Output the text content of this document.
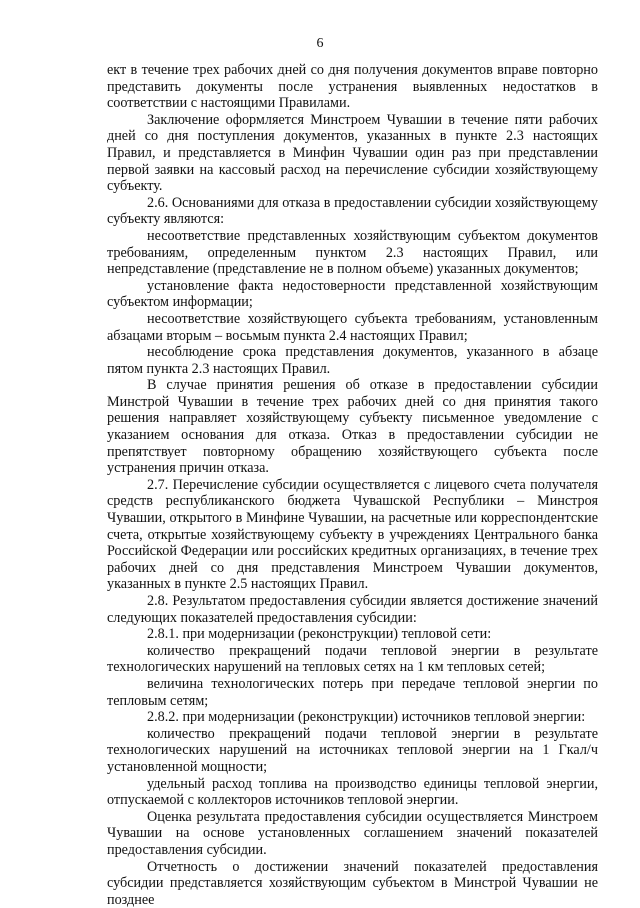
6

ект в течение трех рабочих дней со дня получения документов вправе повторно представить документы после устранения выявленных недостатков в соответствии с настоящими Правилами.

Заключение оформляется Минстроем Чувашии в течение пяти рабочих дней со дня поступления документов, указанных в пункте 2.3 настоящих Правил, и представляется в Минфин Чувашии один раз при представлении первой заявки на кассовый расход на перечисление субсидии хозяйствующему субъекту.

2.6. Основаниями для отказа в предоставлении субсидии хозяйствующему субъекту являются:

несоответствие представленных хозяйствующим субъектом документов требованиям, определенным пунктом 2.3 настоящих Правил, или непредставление (представление не в полном объеме) указанных документов;

установление факта недостоверности представленной хозяйствующим субъектом информации;

несоответствие хозяйствующего субъекта требованиям, установленным абзацами вторым – восьмым пункта 2.4 настоящих Правил;

несоблюдение срока представления документов, указанного в абзаце пятом пункта 2.3 настоящих Правил.

В случае принятия решения об отказе в предоставлении субсидии Минстрой Чувашии в течение трех рабочих дней со дня принятия такого решения направляет хозяйствующему субъекту письменное уведомление с указанием основания для отказа. Отказ в предоставлении субсидии не препятствует повторному обращению хозяйствующего субъекта после устранения причин отказа.

2.7. Перечисление субсидии осуществляется с лицевого счета получателя средств республиканского бюджета Чувашской Республики – Минстроя Чувашии, открытого в Минфине Чувашии, на расчетные или корреспондентские счета, открытые хозяйствующему субъекту в учреждениях Центрального банка Российской Федерации или российских кредитных организациях, в течение трех рабочих дней со дня представления Минстроем Чувашии документов, указанных в пункте 2.5 настоящих Правил.

2.8. Результатом предоставления субсидии является достижение значений следующих показателей предоставления субсидии:

2.8.1. при модернизации (реконструкции) тепловой сети:

количество прекращений подачи тепловой энергии в результате технологических нарушений на тепловых сетях на 1 км тепловых сетей;

величина технологических потерь при передаче тепловой энергии по тепловым сетям;

2.8.2. при модернизации (реконструкции) источников тепловой энергии:

количество прекращений подачи тепловой энергии в результате технологических нарушений на источниках тепловой энергии на 1 Гкал/ч установленной мощности;

удельный расход топлива на производство единицы тепловой энергии, отпускаемой с коллекторов источников тепловой энергии.

Оценка результата предоставления субсидии осуществляется Минстроем Чувашии на основе установленных соглашением значений показателей предоставления субсидии.

Отчетность о достижении значений показателей предоставления субсидии представляется хозяйствующим субъектом в Минстрой Чувашии не позднее
